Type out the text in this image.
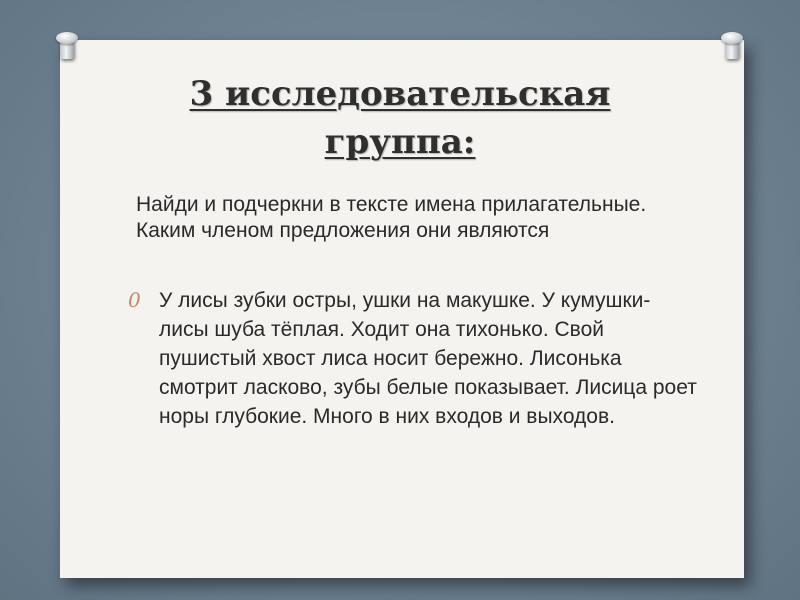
3 исследовательская
группа:
Найди и подчеркни в тексте имена прилагательные. Каким членом предложения они являются
0 У лисы зубки остры, ушки на макушке. У кумушки-лисы шуба тёплая. Ходит она тихонько. Свой пушистый хвост лиса носит бережно. Лисонька смотрит ласково, зубы белые показывает. Лисица роет норы глубокие. Много в них входов и выходов.
